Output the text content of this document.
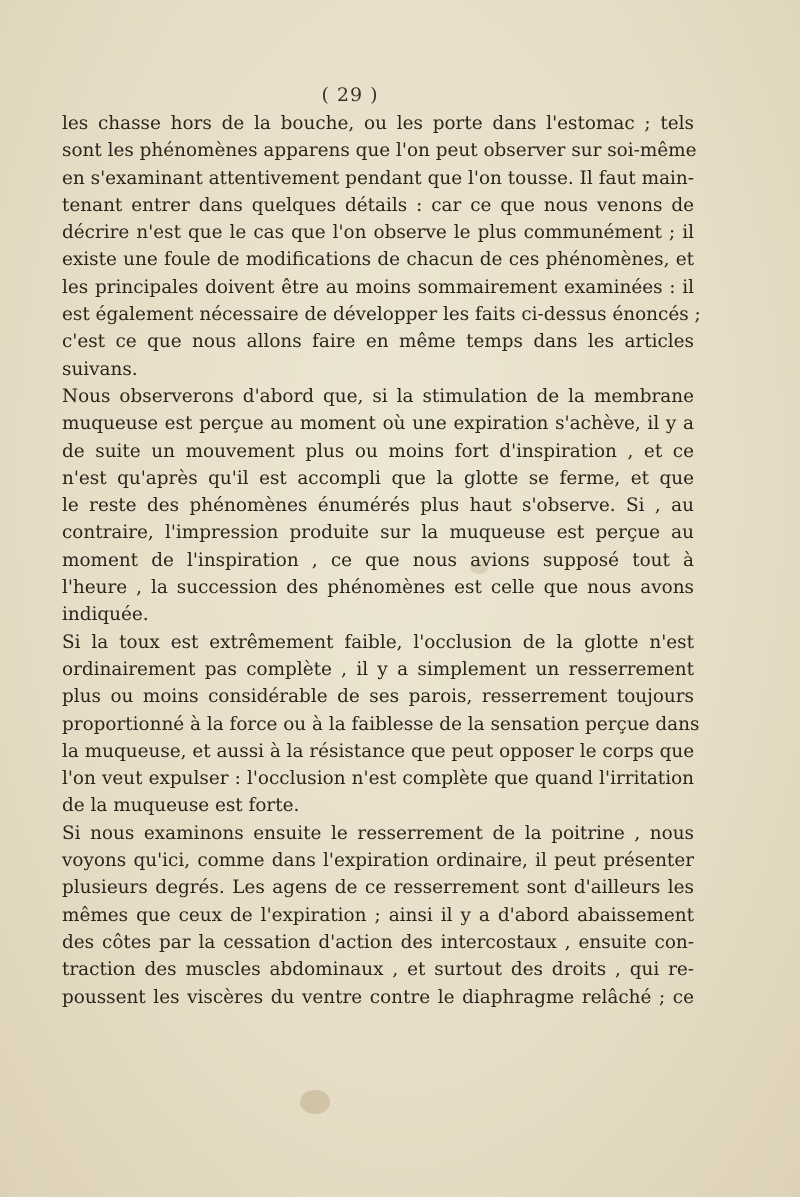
( 29 )
les chasse hors de la bouche, ou les porte dans l'estomac ; tels
sont les phénomènes apparens que l'on peut observer sur soi-même
en s'examinant attentivement pendant que l'on tousse. Il faut main-
tenant entrer dans quelques détails : car ce que nous venons de
décrire n'est que le cas que l'on observe le plus communément ; il
existe une foule de modifications de chacun de ces phénomènes, et
les principales doivent être au moins sommairement examinées : il
est également nécessaire de développer les faits ci-dessus énoncés ;
c'est ce que nous allons faire en même temps dans les articles
suivans.
Nous observerons d'abord que, si la stimulation de la membrane
muqueuse est perçue au moment où une expiration s'achève, il y a
de suite un mouvement plus ou moins fort d'inspiration , et ce
n'est qu'après qu'il est accompli que la glotte se ferme, et que
le reste des phénomènes énumérés plus haut s'observe. Si , au
contraire, l'impression produite sur la muqueuse est perçue au
moment de l'inspiration , ce que nous avions supposé tout à
l'heure , la succession des phénomènes est celle que nous avons
indiquée.
Si la toux est extrêmement faible, l'occlusion de la glotte n'est
ordinairement pas complète , il y a simplement un resserrement
plus ou moins considérable de ses parois, resserrement toujours
proportionné à la force ou à la faiblesse de la sensation perçue dans
la muqueuse, et aussi à la résistance que peut opposer le corps que
l'on veut expulser : l'occlusion n'est complète que quand l'irritation
de la muqueuse est forte.
Si nous examinons ensuite le resserrement de la poitrine , nous
voyons qu'ici, comme dans l'expiration ordinaire, il peut présenter
plusieurs degrés. Les agens de ce resserrement sont d'ailleurs les
mêmes que ceux de l'expiration ; ainsi il y a d'abord abaissement
des côtes par la cessation d'action des intercostaux , ensuite con-
traction des muscles abdominaux , et surtout des droits , qui re-
poussent les viscères du ventre contre le diaphragme relâché ; ce
